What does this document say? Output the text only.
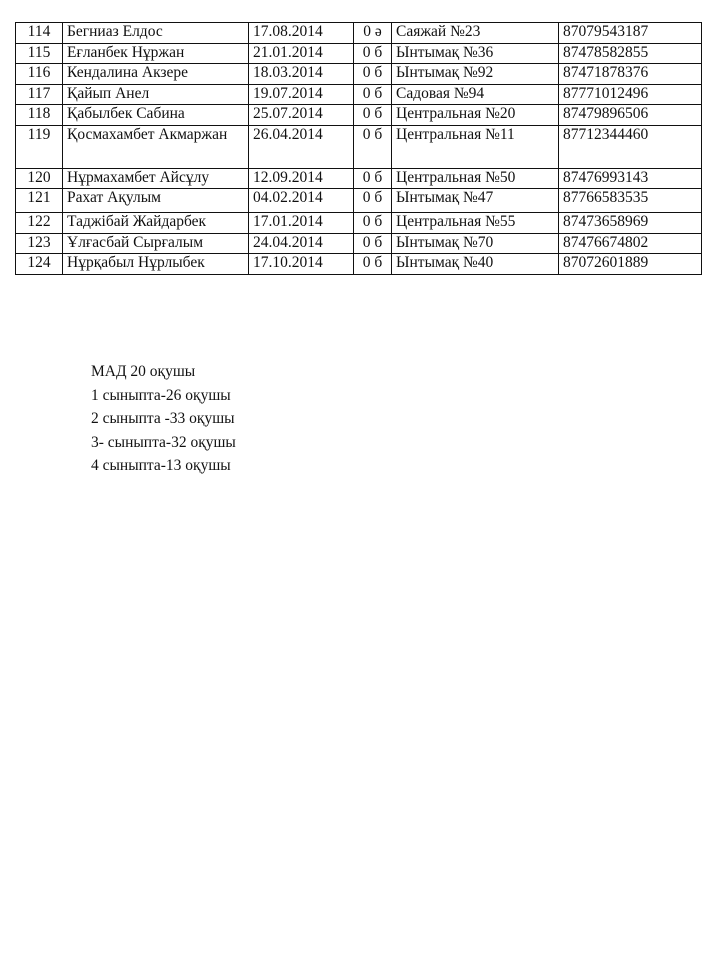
114	Бегниаз Елдос	17.08.2014	0 ә	Саяжай №23	87079543187
115	Еғланбек Нұржан	21.01.2014	0 б	Ынтымақ №36	87478582855
116	Кендалина Акзере	18.03.2014	0 б	Ынтымақ №92	87471878376
117	Қайып Анел	19.07.2014	0 б	Садовая №94	87771012496
118	Қабылбек Сабина	25.07.2014	0 б	Центральная №20	87479896506
119	Қосмахамбет Акмаржан	26.04.2014	0 б	Центральная №11	87712344460
120	Нұрмахамбет Айсұлу	12.09.2014	0 б	Центральная №50	87476993143
121	Рахат Ақулым	04.02.2014	0 б	Ынтымақ №47	87766583535
122	Таджібай Жайдарбек	17.01.2014	0 б	Центральная №55	87473658969
123	Ұлғасбай Сырғалым	24.04.2014	0 б	Ынтымақ №70	87476674802
124	Нұрқабыл Нұрлыбек	17.10.2014	0 б	Ынтымақ №40	87072601889
МАД 20 оқушы
1 сыныпта-26 оқушы
2 сыныпта -33 оқушы
3- сыныпта-32 оқушы
4 сыныпта-13 оқушы
